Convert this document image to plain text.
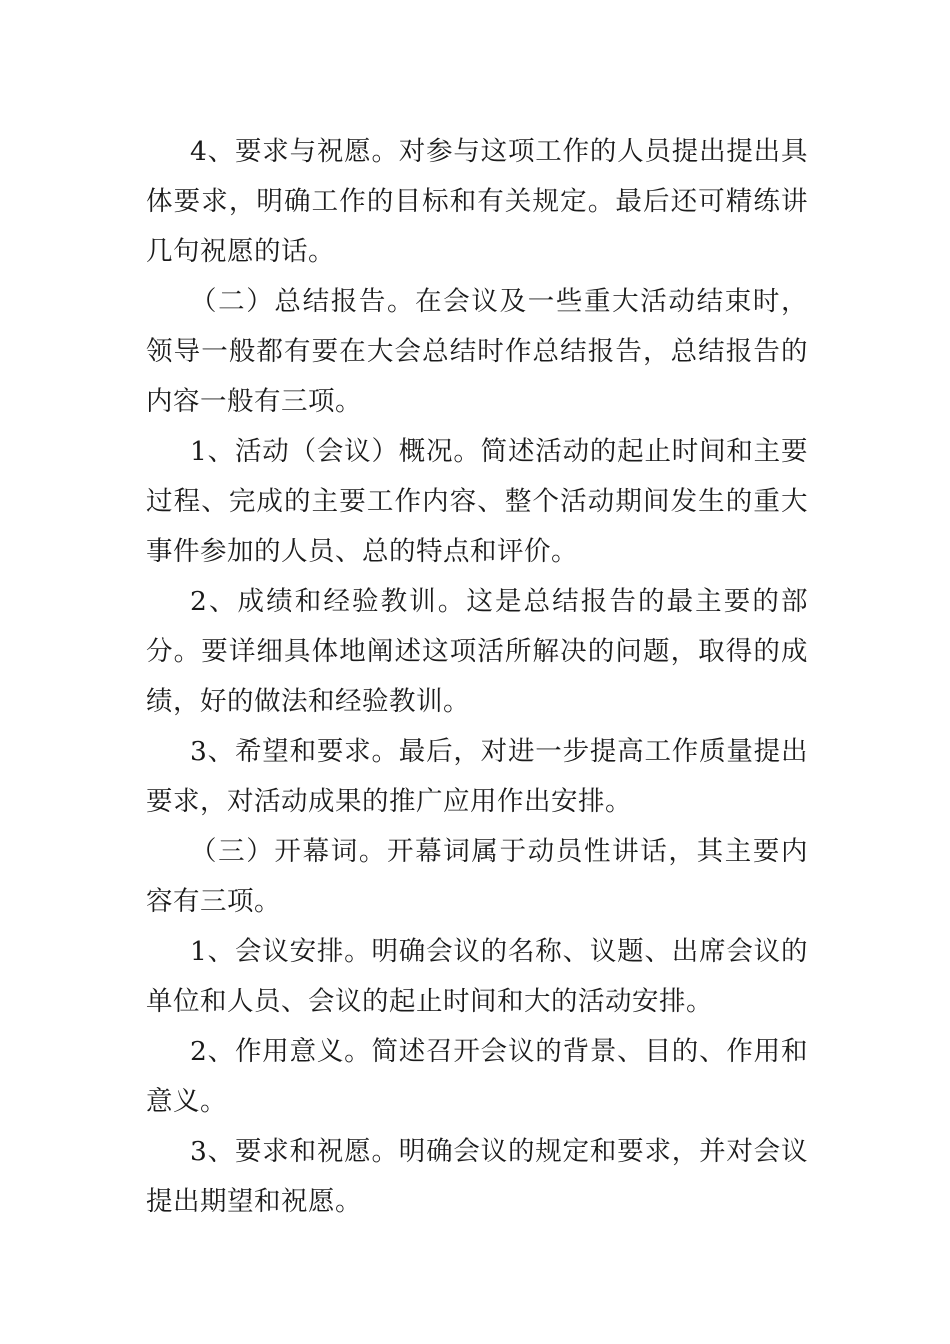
4、要求与祝愿。对参与这项工作的人员提出提出具体要求，明确工作的目标和有关规定。最后还可精练讲几句祝愿的话。

（二）总结报告。在会议及一些重大活动结束时，领导一般都有要在大会总结时作总结报告，总结报告的内容一般有三项。

1、活动（会议）概况。简述活动的起止时间和主要过程、完成的主要工作内容、整个活动期间发生的重大事件参加的人员、总的特点和评价。

2、成绩和经验教训。这是总结报告的最主要的部分。要详细具体地阐述这项活所解决的问题，取得的成绩，好的做法和经验教训。

3、希望和要求。最后，对进一步提高工作质量提出要求，对活动成果的推广应用作出安排。

（三）开幕词。开幕词属于动员性讲话，其主要内容有三项。

1、会议安排。明确会议的名称、议题、出席会议的单位和人员、会议的起止时间和大的活动安排。

2、作用意义。简述召开会议的背景、目的、作用和意义。

3、要求和祝愿。明确会议的规定和要求，并对会议提出期望和祝愿。
